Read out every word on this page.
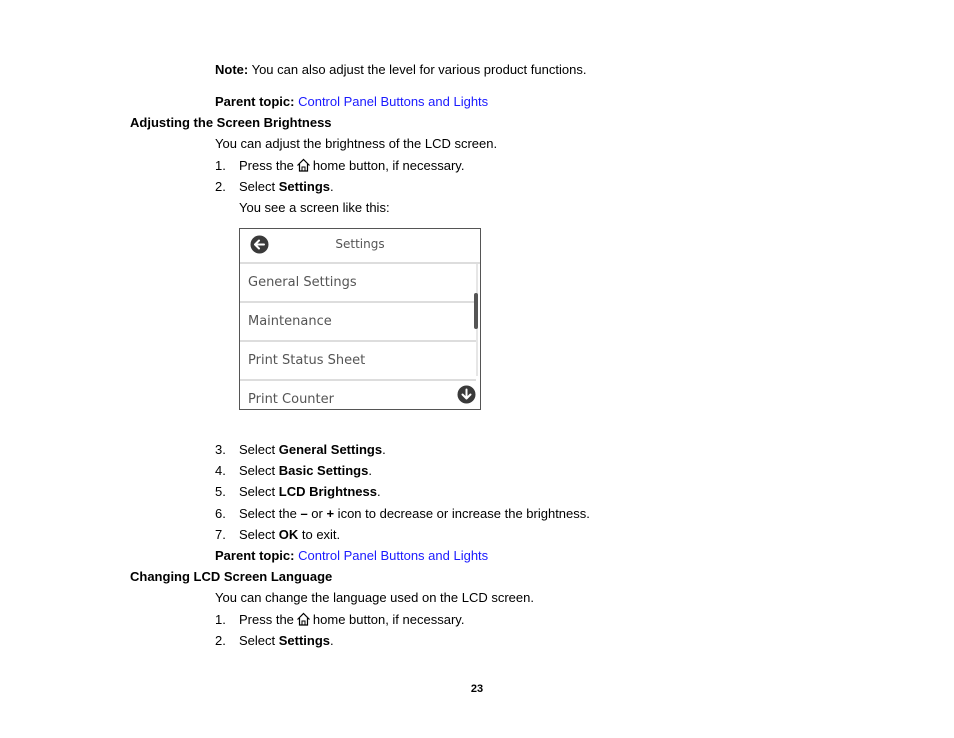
Note: You can also adjust the level for various product functions.
Parent topic: Control Panel Buttons and Lights
Adjusting the Screen Brightness
You can adjust the brightness of the LCD screen.
1. Press the home button, if necessary.
2. Select Settings.
You see a screen like this:
Settings
General Settings
Maintenance
Print Status Sheet
Print Counter
3. Select General Settings.
4. Select Basic Settings.
5. Select LCD Brightness.
6. Select the – or + icon to decrease or increase the brightness.
7. Select OK to exit.
Parent topic: Control Panel Buttons and Lights
Changing LCD Screen Language
You can change the language used on the LCD screen.
1. Press the home button, if necessary.
2. Select Settings.
23
